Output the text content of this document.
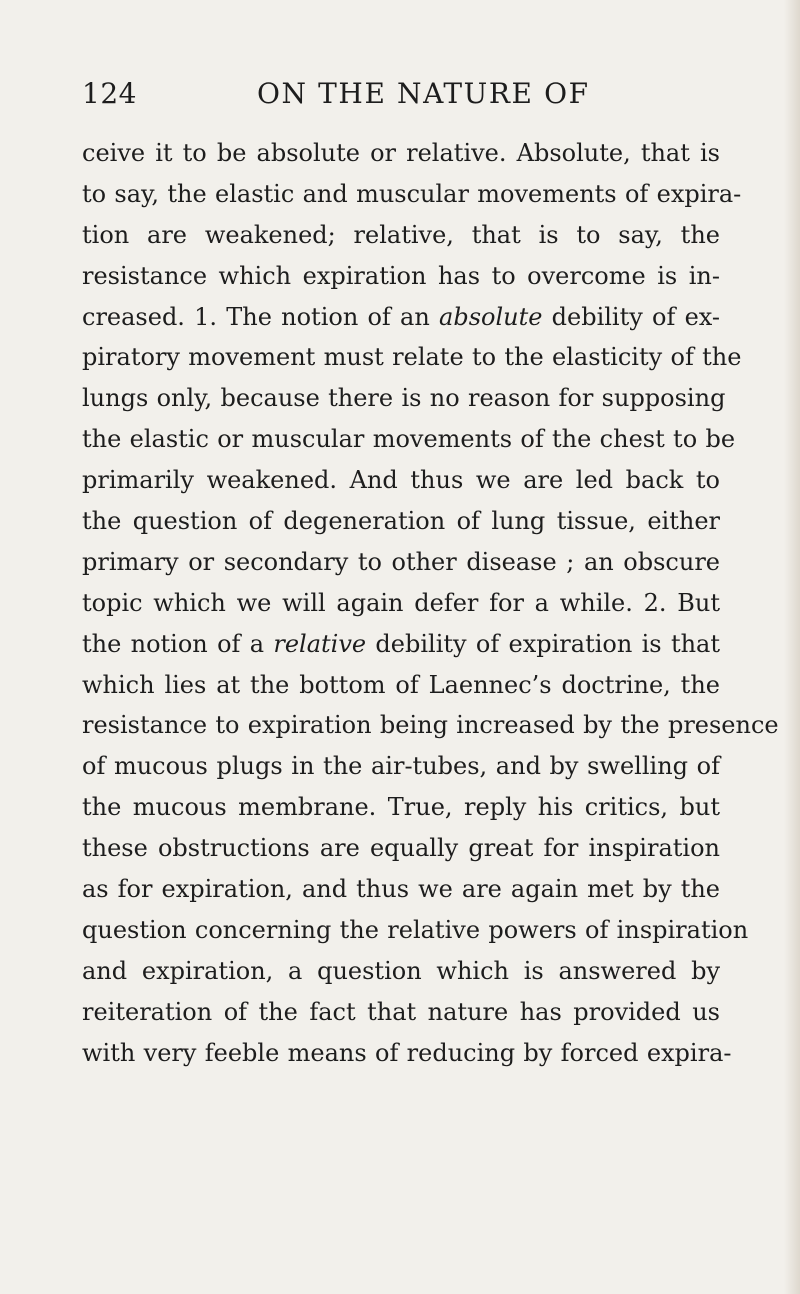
124	ON THE NATURE OF
ceive it to be absolute or relative. Absolute, that is
to say, the elastic and muscular movements of expira-
tion are weakened; relative, that is to say, the
resistance which expiration has to overcome is in-
creased. 1. The notion of an absolute debility of ex-
piratory movement must relate to the elasticity of the
lungs only, because there is no reason for supposing
the elastic or muscular movements of the chest to be
primarily weakened. And thus we are led back to
the question of degeneration of lung tissue, either
primary or secondary to other disease ; an obscure
topic which we will again defer for a while. 2. But
the notion of a relative debility of expiration is that
which lies at the bottom of Laennec’s doctrine, the
resistance to expiration being increased by the presence
of mucous plugs in the air-tubes, and by swelling of
the mucous membrane. True, reply his critics, but
these obstructions are equally great for inspiration
as for expiration, and thus we are again met by the
question concerning the relative powers of inspiration
and expiration, a question which is answered by
reiteration of the fact that nature has provided us
with very feeble means of reducing by forced expira-
